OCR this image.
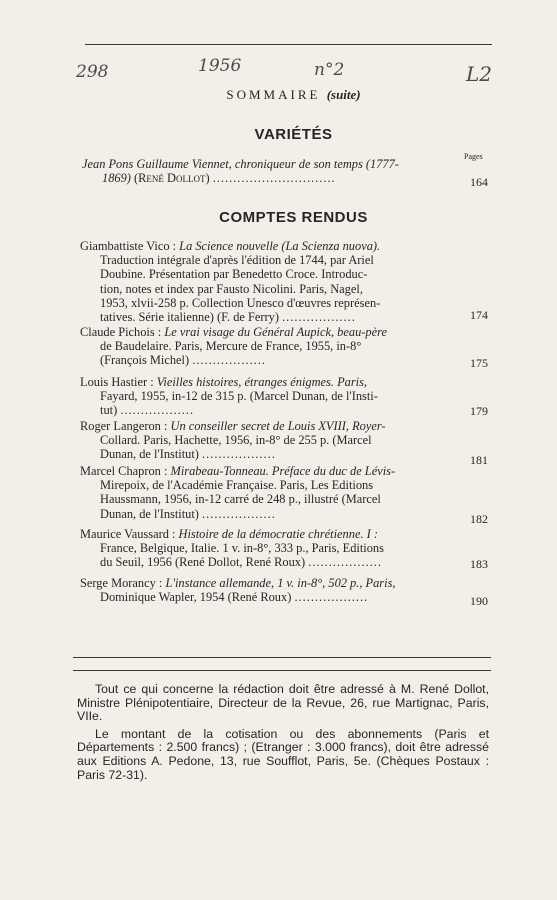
298	1956	n°2	L2
SOMMAIRE (suite)
VARIÉTÉS
Pages
Jean Pons Guillaume Viennet, chroniqueur de son temps (1777-
1869) (René Dollot) ..............................	164
COMPTES RENDUS
Giambattiste Vico : La Science nouvelle (La Scienza nuova).
Traduction intégrale d'après l'édition de 1744, par Ariel
Doubine. Présentation par Benedetto Croce. Introduc-
tion, notes et index par Fausto Nicolini. Paris, Nagel,
1953, xlvii-258 p. Collection Unesco d'œuvres représen-
tatives. Série italienne) (F. de Ferry) ..................	174
Claude Pichois : Le vrai visage du Général Aupick, beau-père
de Baudelaire. Paris, Mercure de France, 1955, in-8°
(François Michel) ..................	175
Louis Hastier : Vieilles histoires, étranges énigmes. Paris,
Fayard, 1955, in-12 de 315 p. (Marcel Dunan, de l'Insti-
tut) ..................	179
Roger Langeron : Un conseiller secret de Louis XVIII, Royer-
Collard. Paris, Hachette, 1956, in-8° de 255 p. (Marcel
Dunan, de l'Institut) ..................	181
Marcel Chapron : Mirabeau-Tonneau. Préface du duc de Lévis-
Mirepoix, de l'Académie Française. Paris, Les Editions
Haussmann, 1956, in-12 carré de 248 p., illustré (Marcel
Dunan, de l'Institut) ..................	182
Maurice Vaussard : Histoire de la démocratie chrétienne. I :
France, Belgique, Italie. 1 v. in-8°, 333 p., Paris, Editions
du Seuil, 1956 (René Dollot, René Roux) ..................	183
Serge Morancy : L'instance allemande, 1 v. in-8°, 502 p., Paris,
Dominique Wapler, 1954 (René Roux) ..................	190

Tout ce qui concerne la rédaction doit être adressé à M. René Dollot, Ministre Plénipotentiaire, Directeur de la Revue, 26, rue Martignac, Paris, VIIe.

Le montant de la cotisation ou des abonnements (Paris et Départements : 2.500 francs) ; (Etranger : 3.000 francs), doit être adressé aux Editions A. Pedone, 13, rue Soufflot, Paris, 5e. (Chèques Postaux : Paris 72-31).
